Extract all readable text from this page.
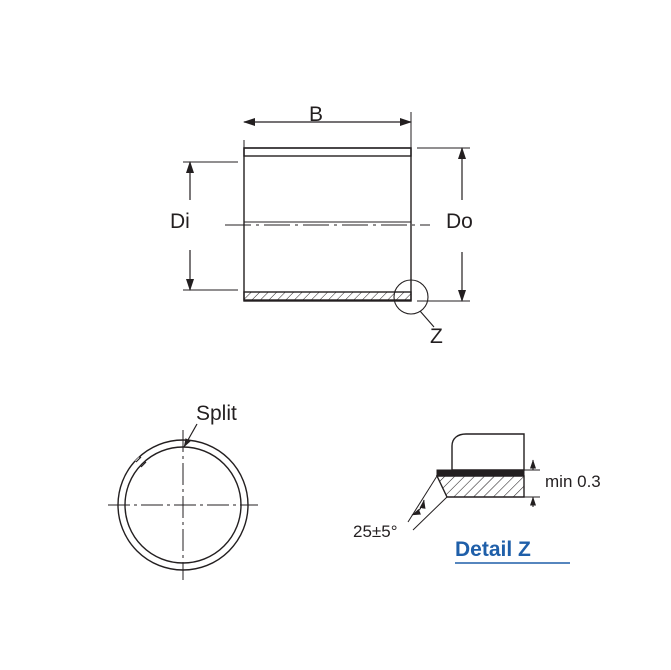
B
Di	Do
Z
Split
min 0.3
25±5°
Detail Z
